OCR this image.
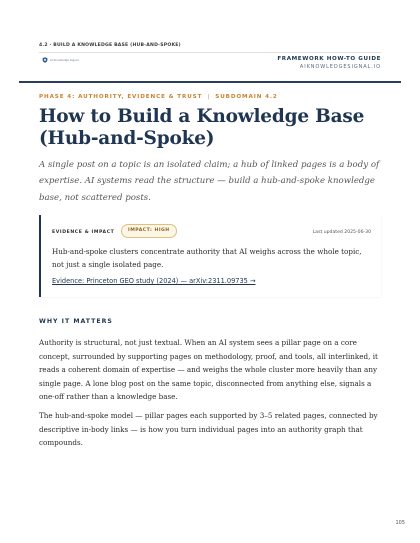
4.2 · BUILD A KNOWLEDGE BASE (HUB-AND-SPOKE)
AI Knowledge Signal	FRAMEWORK HOW-TO GUIDE
AIKNOWLEDGESIGNAL.IO
PHASE 4: AUTHORITY, EVIDENCE & TRUST | SUBDOMAIN 4.2
How to Build a Knowledge Base (Hub-and-Spoke)

A single post on a topic is an isolated claim; a hub of linked pages is a body of expertise. AI systems read the structure — build a hub-and-spoke knowledge base, not scattered posts.

EVIDENCE & IMPACT	IMPACT: HIGH	Last updated 2025-06-30

Hub-and-spoke clusters concentrate authority that AI weighs across the whole topic, not just a single isolated page.

Evidence: Princeton GEO study (2024) — arXiv:2311.09735 →
WHY IT MATTERS

Authority is structural, not just textual. When an AI system sees a pillar page on a core concept, surrounded by supporting pages on methodology, proof, and tools, all interlinked, it reads a coherent domain of expertise — and weighs the whole cluster more heavily than any single page. A lone blog post on the same topic, disconnected from anything else, signals a one-off rather than a knowledge base.

The hub-and-spoke model — pillar pages each supported by 3–5 related pages, connected by descriptive in-body links — is how you turn individual pages into an authority graph that compounds.

105
